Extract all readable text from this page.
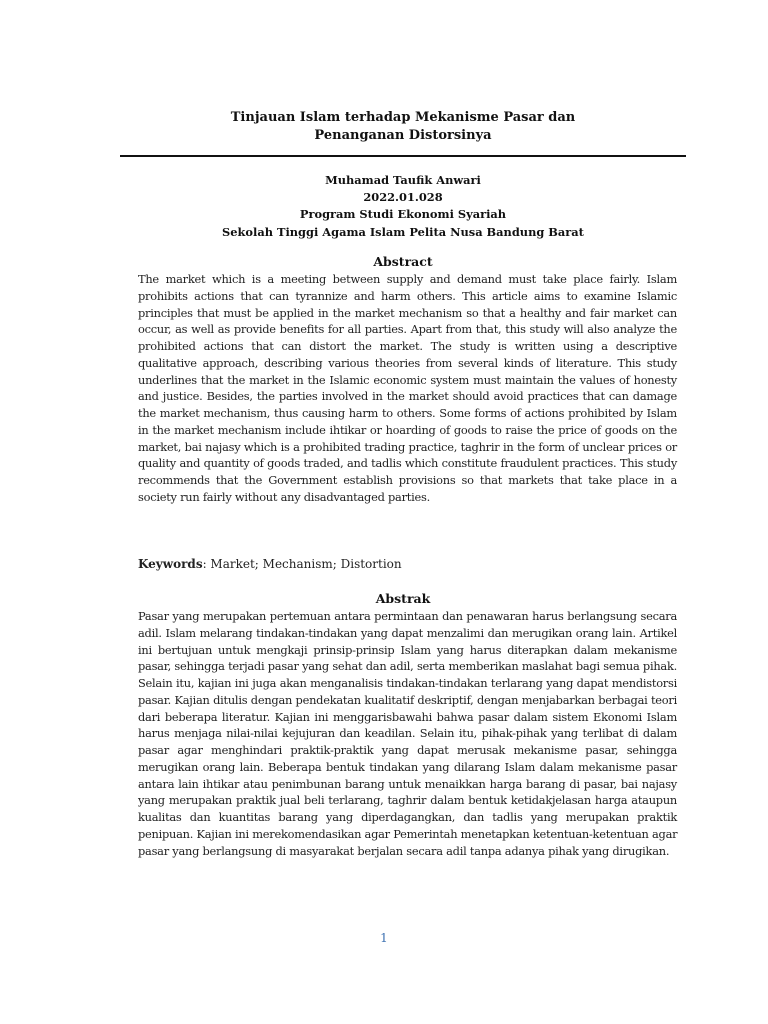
Tinjauan Islam terhadap Mekanisme Pasar dan
Penanganan Distorsinya
Muhamad Taufik Anwari
2022.01.028
Program Studi Ekonomi Syariah
Sekolah Tinggi Agama Islam Pelita Nusa Bandung Barat
Abstract
The market which is a meeting between supply and demand must take place fairly. Islam
prohibits actions that can tyrannize and harm others. This article aims to examine Islamic
principles that must be applied in the market mechanism so that a healthy and fair market can
occur, as well as provide benefits for all parties. Apart from that, this study will also analyze the
prohibited actions that can distort the market. The study is written using a descriptive
qualitative approach, describing various theories from several kinds of literature. This study
underlines that the market in the Islamic economic system must maintain the values of honesty
and justice. Besides, the parties involved in the market should avoid practices that can damage
the market mechanism, thus causing harm to others. Some forms of actions prohibited by Islam
in the market mechanism include ihtikar or hoarding of goods to raise the price of goods on the
market, bai najasy which is a prohibited trading practice, taghrir in the form of unclear prices or
quality and quantity of goods traded, and tadlis which constitute fraudulent practices. This study
recommends that the Government establish provisions so that markets that take place in a
society run fairly without any disadvantaged parties.
Keywords: Market; Mechanism; Distortion
Abstrak
Pasar yang merupakan pertemuan antara permintaan dan penawaran harus berlangsung secara
adil. Islam melarang tindakan-tindakan yang dapat menzalimi dan merugikan orang lain. Artikel
ini bertujuan untuk mengkaji prinsip-prinsip Islam yang harus diterapkan dalam mekanisme
pasar, sehingga terjadi pasar yang sehat dan adil, serta memberikan maslahat bagi semua pihak.
Selain itu, kajian ini juga akan menganalisis tindakan-tindakan terlarang yang dapat mendistorsi
pasar. Kajian ditulis dengan pendekatan kualitatif deskriptif, dengan menjabarkan berbagai teori
dari beberapa literatur. Kajian ini menggarisbawahi bahwa pasar dalam sistem Ekonomi Islam
harus menjaga nilai-nilai kejujuran dan keadilan. Selain itu, pihak-pihak yang terlibat di dalam
pasar agar menghindari praktik-praktik yang dapat merusak mekanisme pasar, sehingga
merugikan orang lain. Beberapa bentuk tindakan yang dilarang Islam dalam mekanisme pasar
antara lain ihtikar atau penimbunan barang untuk menaikkan harga barang di pasar, bai najasy
yang merupakan praktik jual beli terlarang, taghrir dalam bentuk ketidakjelasan harga ataupun
kualitas dan kuantitas barang yang diperdagangkan, dan tadlis yang merupakan praktik
penipuan. Kajian ini merekomendasikan agar Pemerintah menetapkan ketentuan-ketentuan agar
pasar yang berlangsung di masyarakat berjalan secara adil tanpa adanya pihak yang dirugikan.
1
